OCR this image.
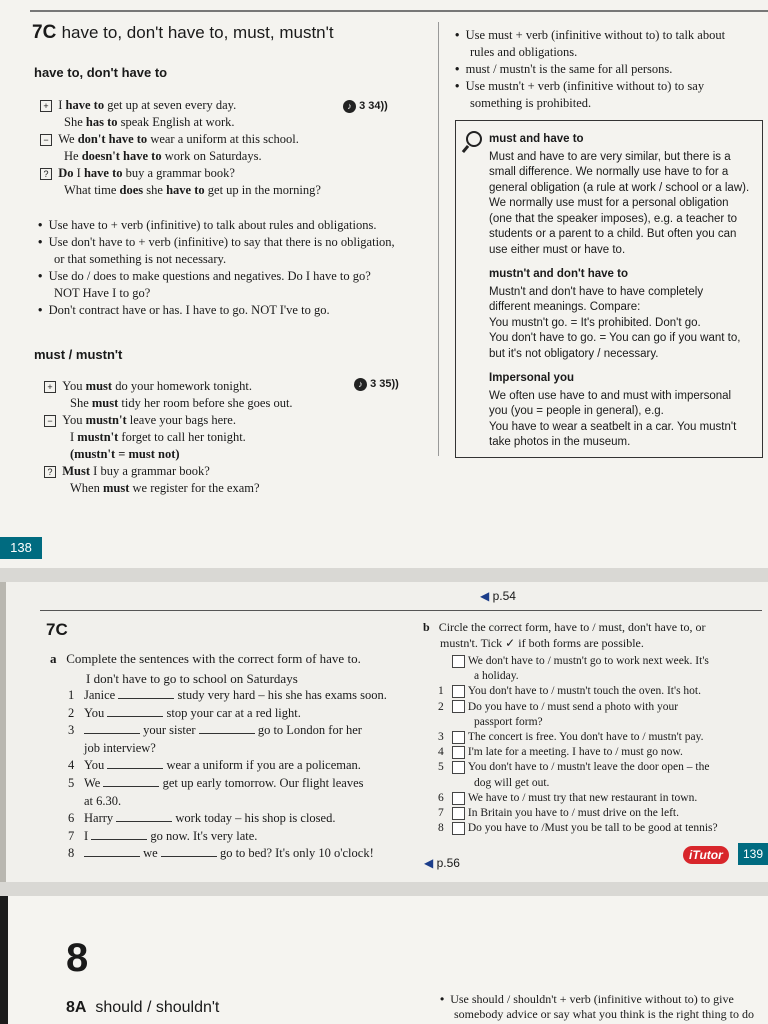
7C have to, don't have to, must, mustn't
have to, don't have to
♪ 3 34))
+ I have to get up at seven every day.
She has to speak English at work.
− We don't have to wear a uniform at this school.
He doesn't have to work on Saturdays.
? Do I have to buy a grammar book?
What time does she have to get up in the morning?
• Use have to + verb (infinitive) to talk about rules and obligations.
• Use don't have to + verb (infinitive) to say that there is no obligation,
or that something is not necessary.
• Use do / does to make questions and negatives. Do I have to go?
NOT Have I to go?
• Don't contract have or has. I have to go. NOT I've to go.
must / mustn't
♪ 3 35))
+ You must do your homework tonight.
She must tidy her room before she goes out.
− You mustn't leave your bags here.
I mustn't forget to call her tonight.
(mustn't = must not)
? Must I buy a grammar book?
When must we register for the exam?
• Use must + verb (infinitive without to) to talk about
rules and obligations.
• must / mustn't is the same for all persons.
• Use mustn't + verb (infinitive without to) to say
something is prohibited.
must and have to
Must and have to are very similar, but there is a
small difference. We normally use have to for a
general obligation (a rule at work / school or a law).
We normally use must for a personal obligation
(one that the speaker imposes), e.g. a teacher to
students or a parent to a child. But often you can
use either must or have to.
mustn't and don't have to
Mustn't and don't have to have completely
different meanings. Compare:
You mustn't go. = It's prohibited. Don't go.
You don't have to go. = You can go if you want to,
but it's not obligatory / necessary.
Impersonal you
We often use have to and must with impersonal
you (you = people in general), e.g.
You have to wear a seatbelt in a car. You mustn't
take photos in the museum.
138
◀ p.54
7C
a Complete the sentences with the correct form of have to.
I don't have to go to school on Saturdays
1 Janice	study very hard – his she has exams soon.
2 You	stop your car at a red light.
3	your sister	go to London for her
job interview?
4 You	wear a uniform if you are a policeman.
5 We	get up early tomorrow. Our flight leaves
at 6.30.
6 Harry	work today – his shop is closed.
7 I	go now. It's very late.
8	we	go to bed? It's only 10 o'clock!
b Circle the correct form, have to / must, don't have to, or
mustn't. Tick ✓ if both forms are possible.
We don't have to / mustn't go to work next week. It's
a holiday.
1 You don't have to / mustn't touch the oven. It's hot.
2 Do you have to / must send a photo with your
passport form?
3 The concert is free. You don't have to / mustn't pay.
4 I'm late for a meeting. I have to / must go now.
5 You don't have to / mustn't leave the door open – the
dog will get out.
6 We have to / must try that new restaurant in town.
7 In Britain you have to / must drive on the left.
8 Do you have to /Must you be tall to be good at tennis?
◀ p.56
iTutor	139
8
8A should / shouldn't	• Use should / shouldn't + verb (infinitive without to) to give
somebody advice or say what you think is the right thing to do
